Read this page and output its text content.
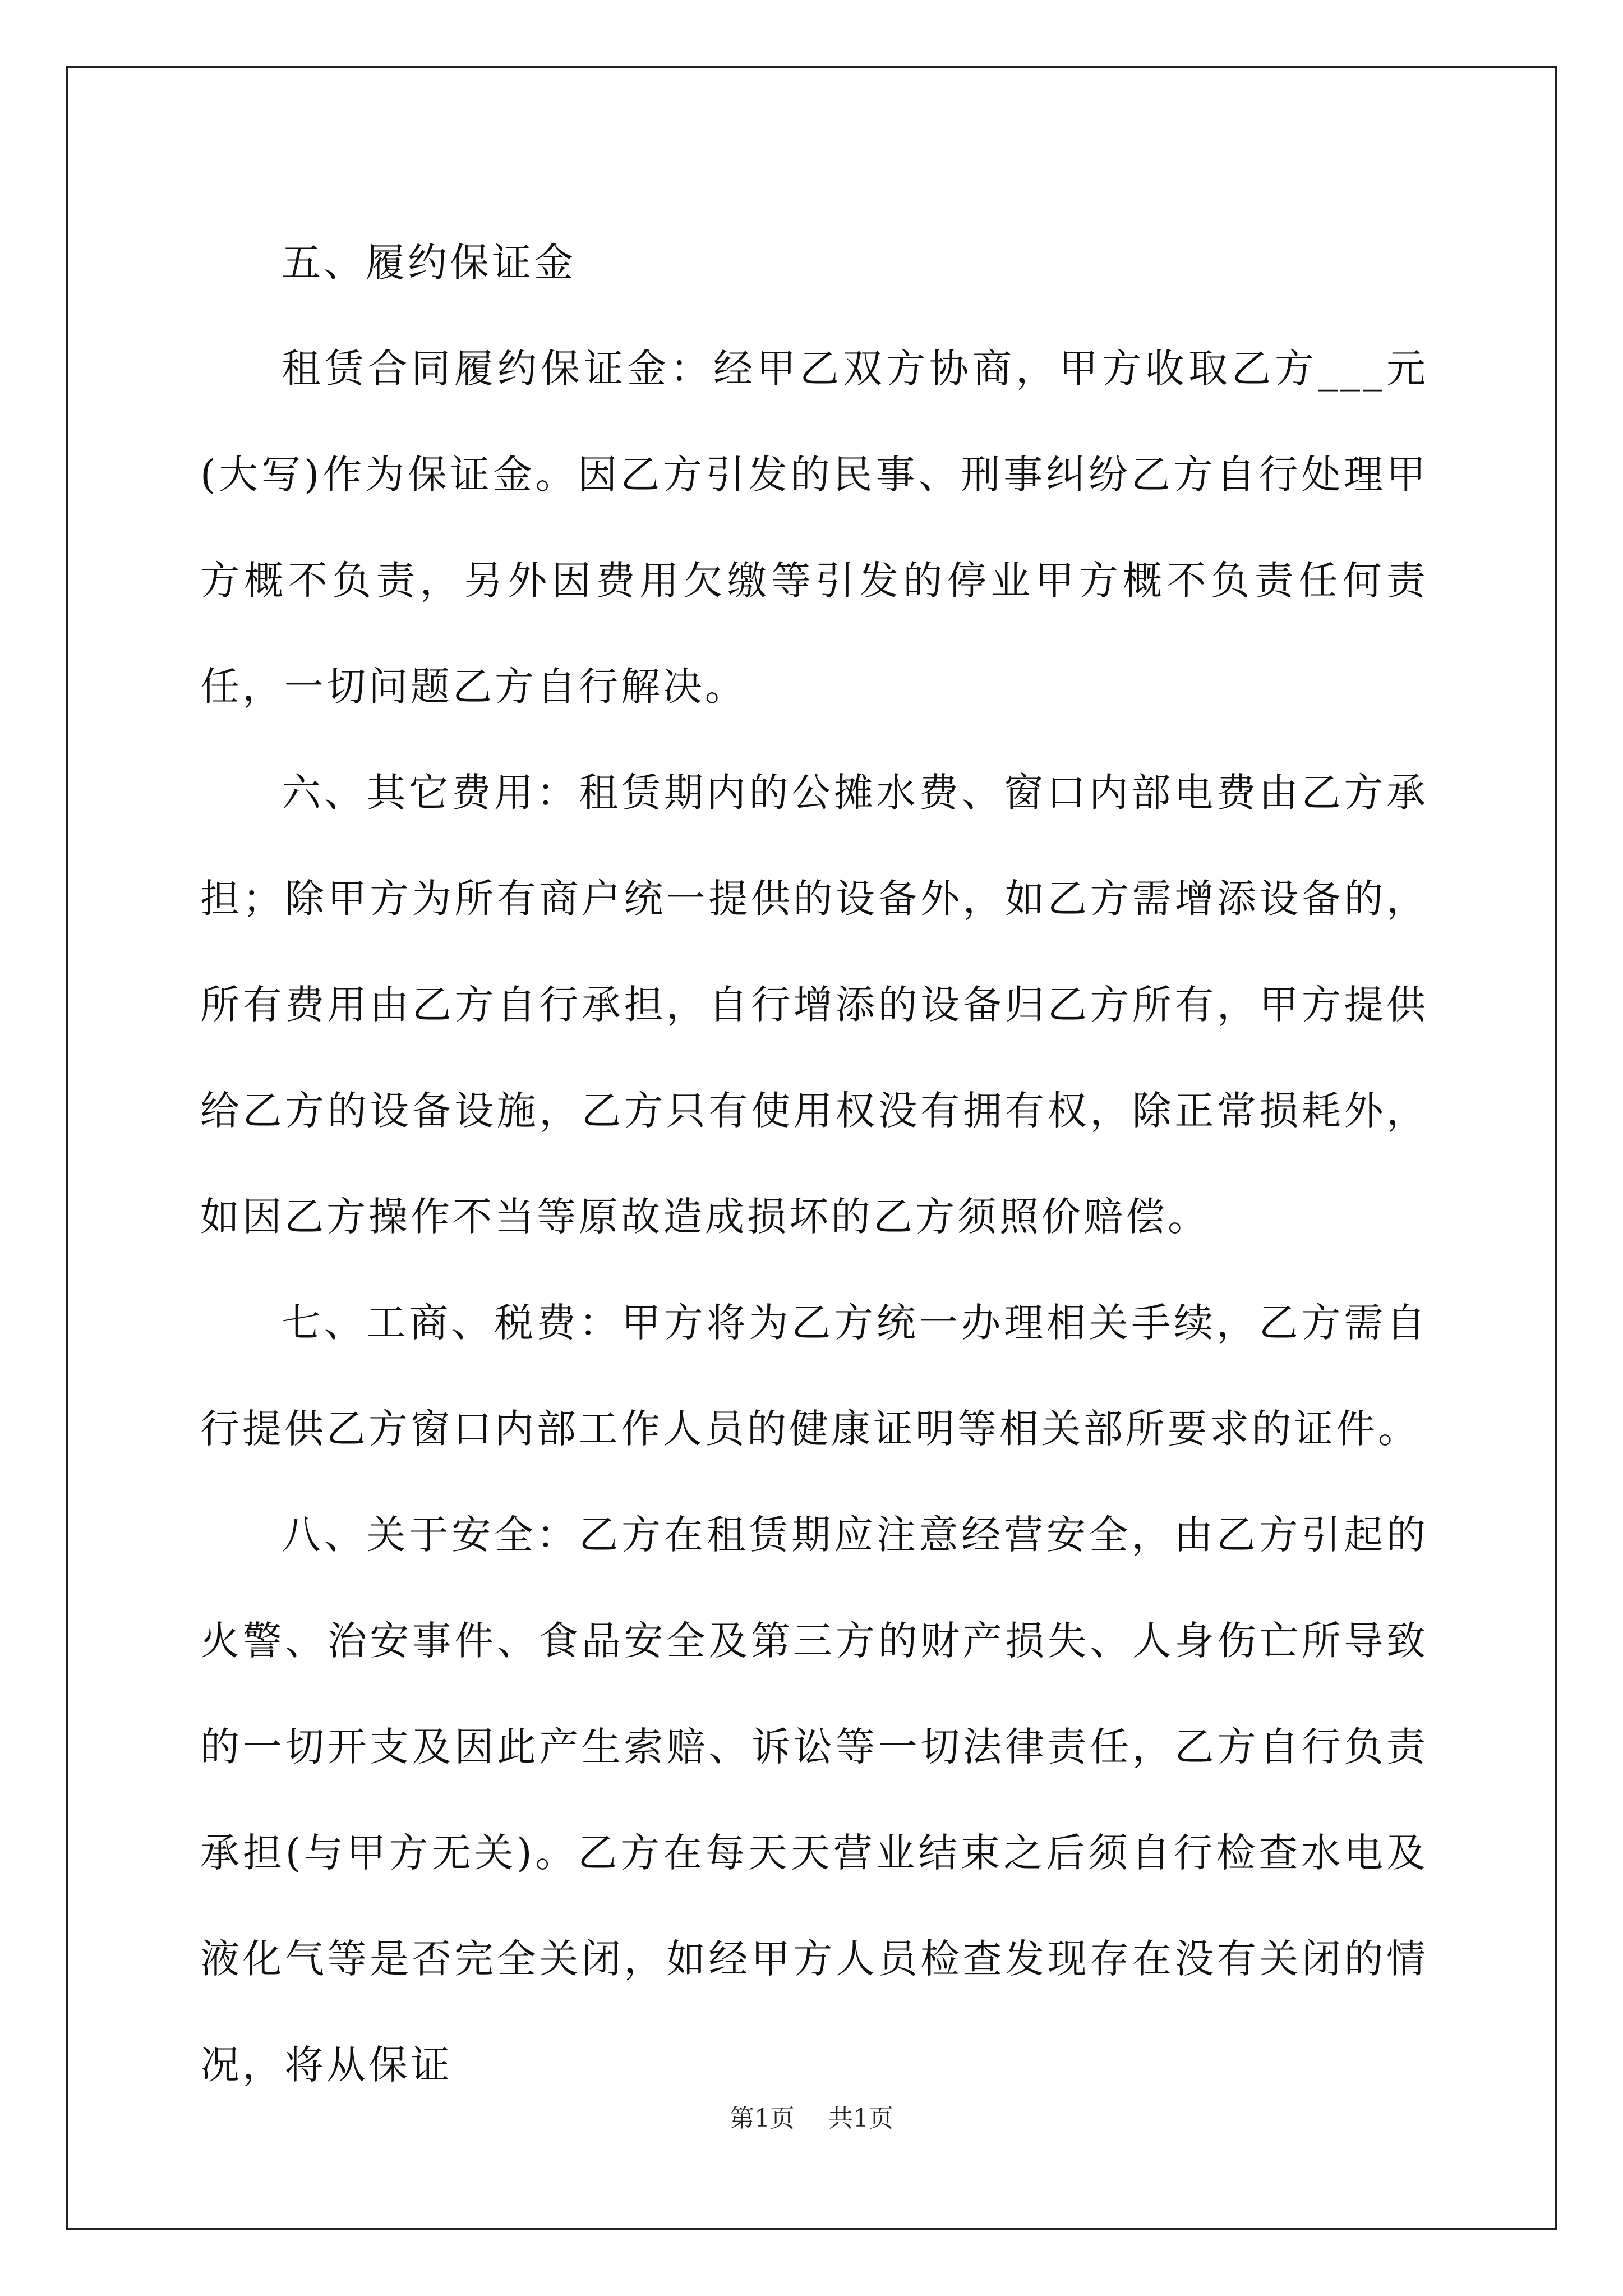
五、履约保证金

租赁合同履约保证金：经甲乙双方协商，甲方收取乙方___元(大写)作为保证金。因乙方引发的民事、刑事纠纷乙方自行处理甲方概不负责，另外因费用欠缴等引发的停业甲方概不负责任何责任，一切问题乙方自行解决。

六、其它费用：租赁期内的公摊水费、窗口内部电费由乙方承担；除甲方为所有商户统一提供的设备外，如乙方需增添设备的，所有费用由乙方自行承担，自行增添的设备归乙方所有，甲方提供给乙方的设备设施，乙方只有使用权没有拥有权，除正常损耗外，如因乙方操作不当等原故造成损坏的乙方须照价赔偿。

七、工商、税费：甲方将为乙方统一办理相关手续，乙方需自行提供乙方窗口内部工作人员的健康证明等相关部所要求的证件。

八、关于安全：乙方在租赁期应注意经营安全，由乙方引起的火警、治安事件、食品安全及第三方的财产损失、人身伤亡所导致的一切开支及因此产生索赔、诉讼等一切法律责任，乙方自行负责承担(与甲方无关)。乙方在每天天营业结束之后须自行检查水电及液化气等是否完全关闭，如经甲方人员检查发现存在没有关闭的情况，将从保证

第1页 共1页
